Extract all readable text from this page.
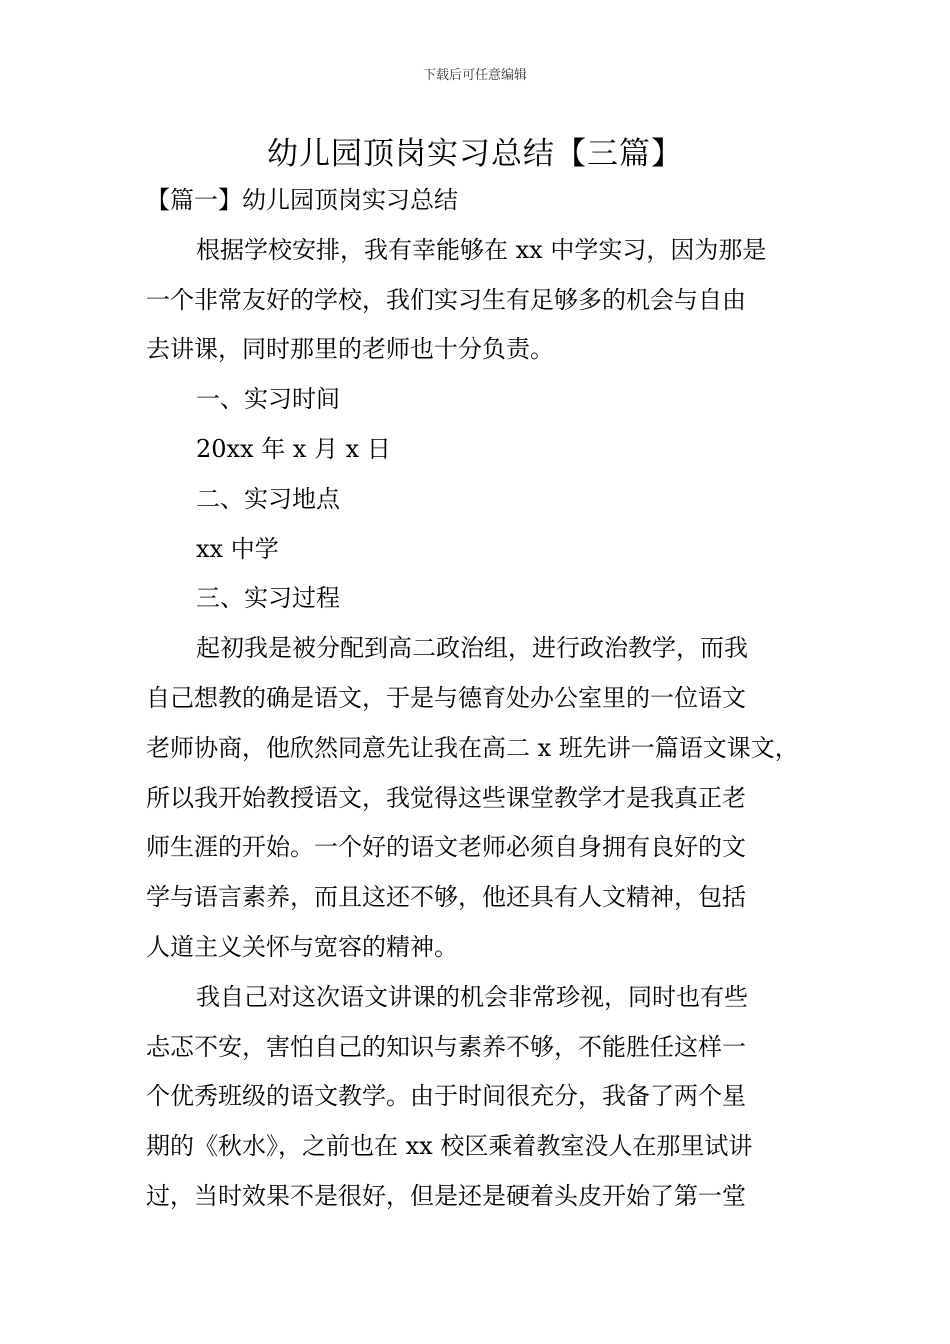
下载后可任意编辑
幼儿园顶岗实习总结【三篇】

【篇一】幼儿园顶岗实习总结

根据学校安排，我有幸能够在 xx 中学实习，因为那是

一个非常友好的学校，我们实习生有足够多的机会与自由

去讲课，同时那里的老师也十分负责。

一、实习时间

20xx 年 x 月 x 日

二、实习地点

xx 中学

三、实习过程

起初我是被分配到高二政治组，进行政治教学，而我

自己想教的确是语文，于是与德育处办公室里的一位语文

老师协商，他欣然同意先让我在高二 x 班先讲一篇语文课文，

所以我开始教授语文，我觉得这些课堂教学才是我真正老

师生涯的开始。一个好的语文老师必须自身拥有良好的文

学与语言素养，而且这还不够，他还具有人文精神，包括

人道主义关怀与宽容的精神。

我自己对这次语文讲课的机会非常珍视，同时也有些

忐忑不安，害怕自己的知识与素养不够，不能胜任这样一

个优秀班级的语文教学。由于时间很充分，我备了两个星

期的《秋水》，之前也在 xx 校区乘着教室没人在那里试讲

过，当时效果不是很好，但是还是硬着头皮开始了第一堂
